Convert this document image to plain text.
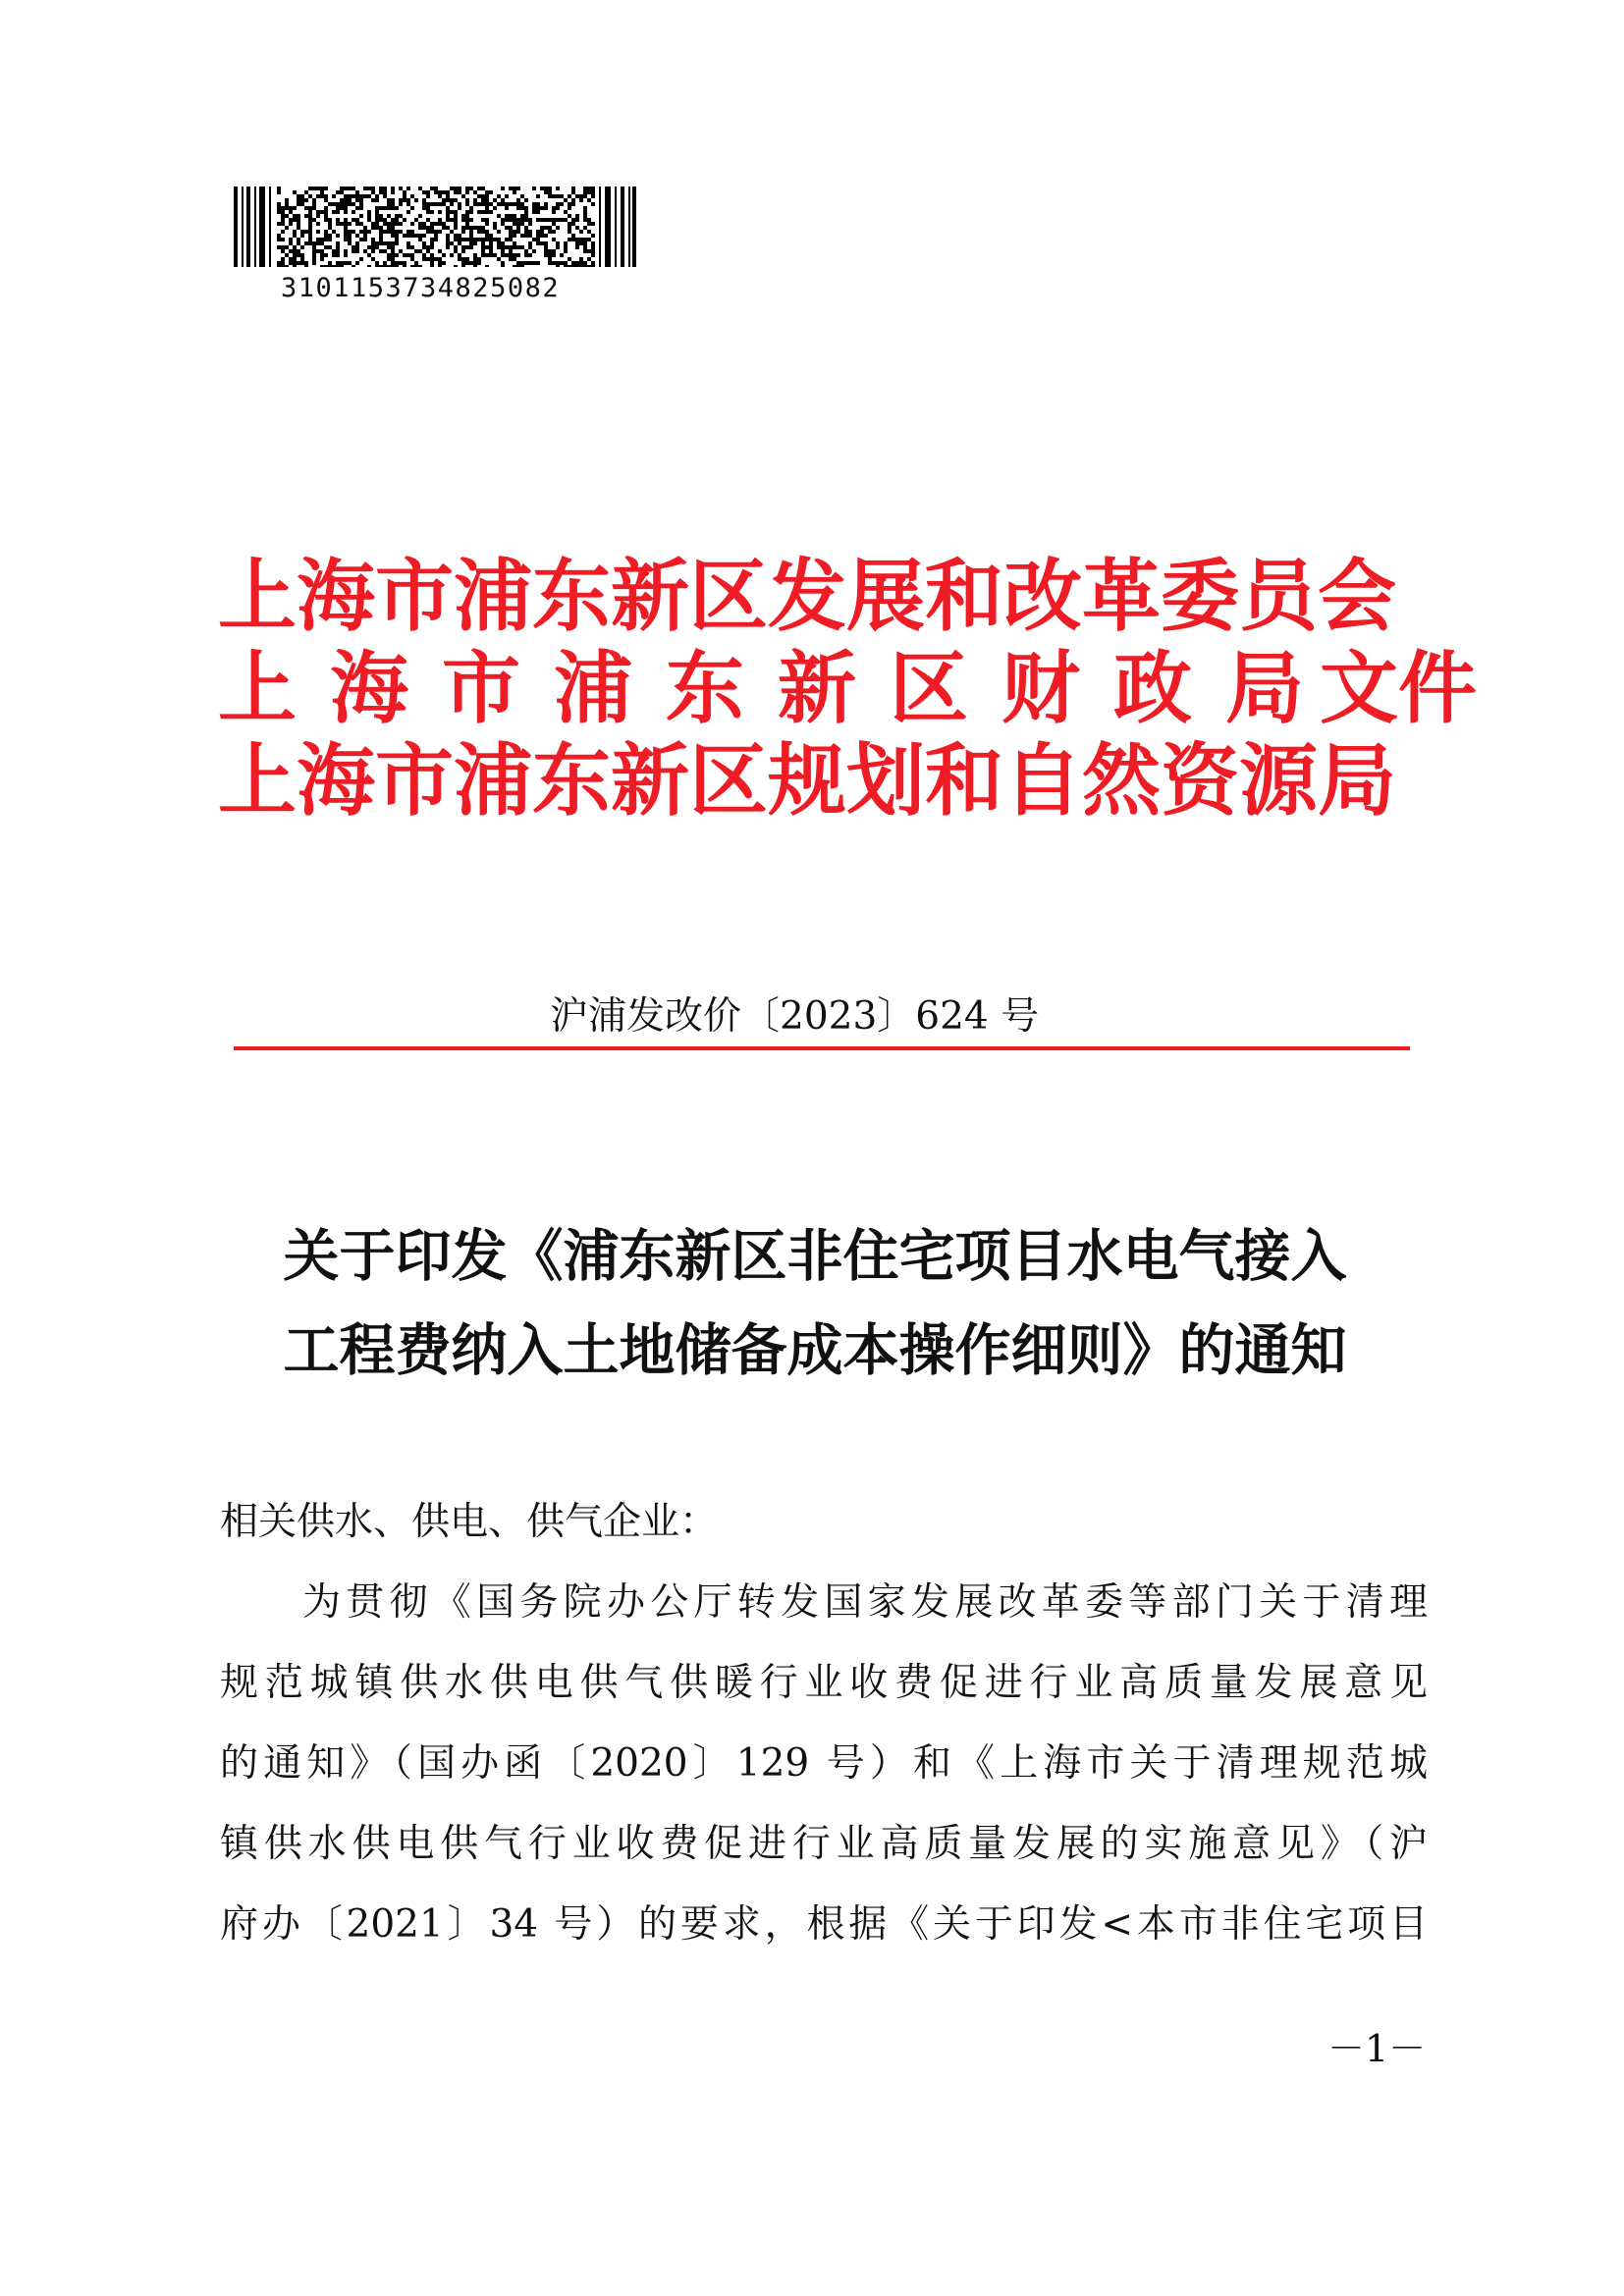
3101153734825082
上海市浦东新区发展和改革委员会
上海市浦东新区财政局文件
上海市浦东新区规划和自然资源局
沪浦发改价〔2023〕624 号
关于印发《浦东新区非住宅项目水电气接入
工程费纳入土地储备成本操作细则》的通知
相关供水、供电、供气企业：
为贯彻《国务院办公厅转发国家发展改革委等部门关于清理
规范城镇供水供电供气供暖行业收费促进行业高质量发展意见
的通知》（国办函〔2020〕129 号）和《上海市关于清理规范城
镇供水供电供气行业收费促进行业高质量发展的实施意见》（沪
府办〔2021〕34 号）的要求，根据《关于印发<本市非住宅项目
－1－
